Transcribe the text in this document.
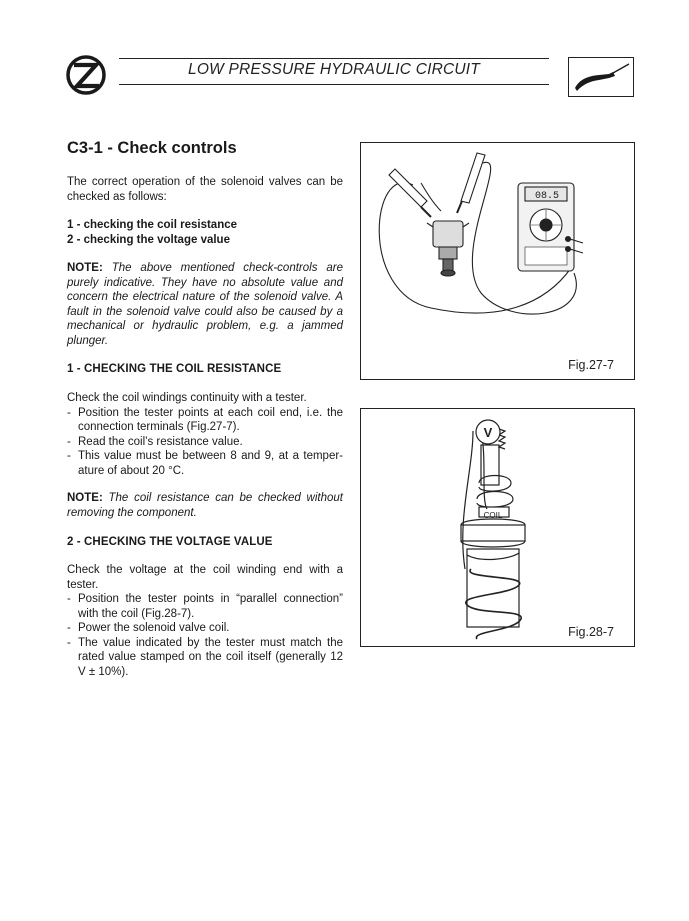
LOW PRESSURE HYDRAULIC CIRCUIT
C3-1 - Check controls

The correct operation of the solenoid valves can be checked as follows:

1 - checking the coil resistance
2 - checking the voltage value

NOTE: The above mentioned check-controls are purely indicative. They have no absolute value and concern the electrical nature of the solenoid valve. A fault in the solenoid valve could also be caused by a mechanical or hydraulic problem, e.g. a jammed plunger.

1 - CHECKING THE COIL RESISTANCE

Check the coil windings continuity with a tester.

- Position the tester points at each coil end, i.e. the connection terminals (Fig.27-7).
- Read the coil’s resistance value.
- This value must be between 8 and 9, at a temper-ature of about 20 °C.

NOTE: The coil resistance can be checked without removing the component.

2 - CHECKING THE VOLTAGE VALUE

Check the voltage at the coil winding end with a tester.

- Position the tester points in “parallel connection” with the coil (Fig.28-7).
- Power the solenoid valve coil.
- The value indicated by the tester must match the rated value stamped on the coil itself (generally 12 V ± 10%).
08.5
Fig.27-7
V
COIL
Fig.28-7
